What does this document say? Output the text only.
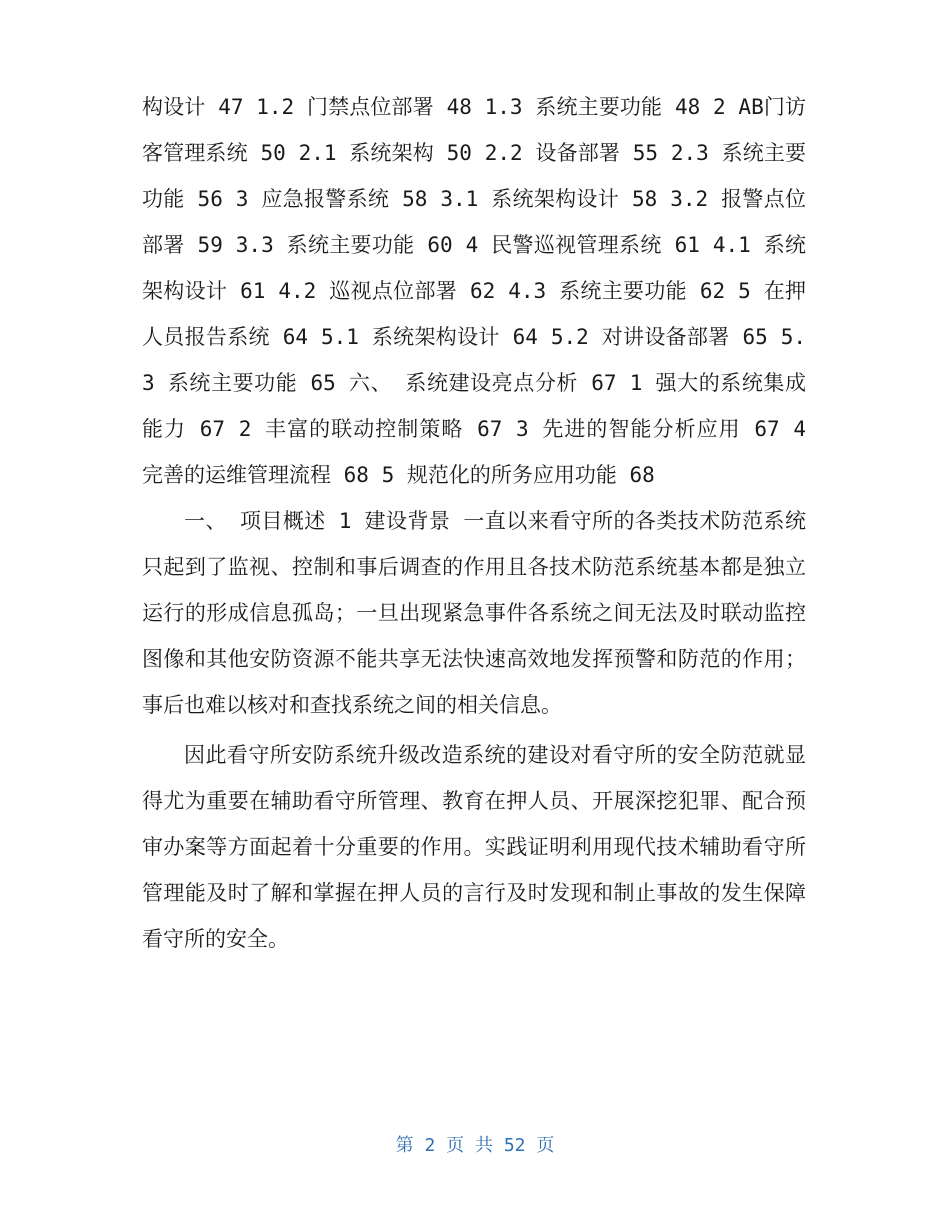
构设计 47 1.2 门禁点位部署 48 1.3 系统主要功能 48 2 AB门访客管理系统 50 2.1 系统架构 50 2.2 设备部署 55 2.3 系统主要功能 56 3 应急报警系统 58 3.1 系统架构设计 58 3.2 报警点位部署 59 3.3 系统主要功能 60 4 民警巡视管理系统 61 4.1 系统架构设计 61 4.2 巡视点位部署 62 4.3 系统主要功能 62 5 在押人员报告系统 64 5.1 系统架构设计 64 5.2 对讲设备部署 65 5.3 系统主要功能 65 六、 系统建设亮点分析 67 1 强大的系统集成能力 67 2 丰富的联动控制策略 67 3 先进的智能分析应用 67 4 完善的运维管理流程 68 5 规范化的所务应用功能 68

一、 项目概述 1 建设背景 一直以来看守所的各类技术防范系统只起到了监视、控制和事后调查的作用且各技术防范系统基本都是独立运行的形成信息孤岛；一旦出现紧急事件各系统之间无法及时联动监控图像和其他安防资源不能共享无法快速高效地发挥预警和防范的作用；事后也难以核对和查找系统之间的相关信息。

因此看守所安防系统升级改造系统的建设对看守所的安全防范就显得尤为重要在辅助看守所管理、教育在押人员、开展深挖犯罪、配合预审办案等方面起着十分重要的作用。实践证明利用现代技术辅助看守所管理能及时了解和掌握在押人员的言行及时发现和制止事故的发生保障看守所的安全。

第 2 页 共 52 页
